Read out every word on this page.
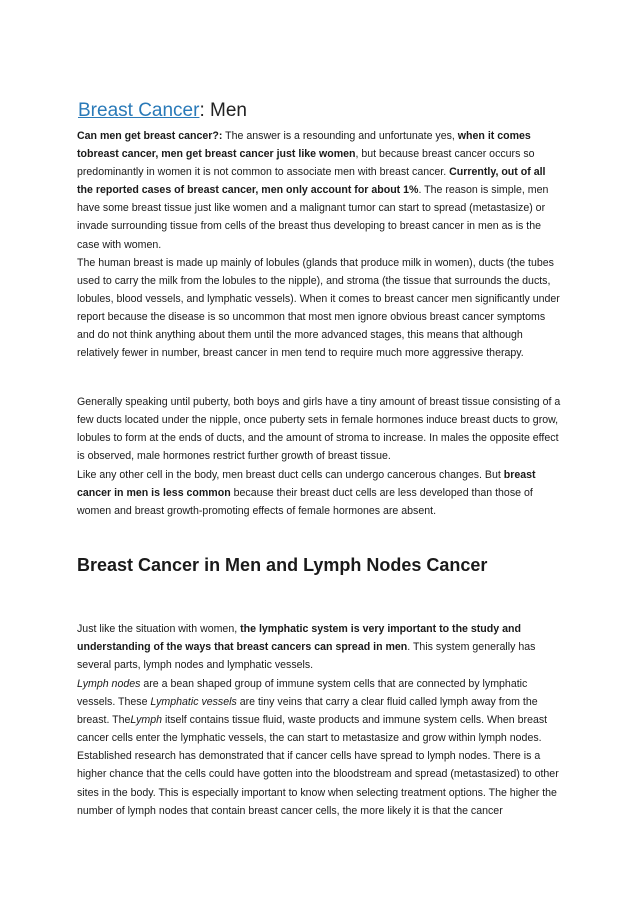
Breast Cancer: Men

Can men get breast cancer?: The answer is a resounding and unfortunate yes, when it comes tobreast cancer, men get breast cancer just like women, but because breast cancer occurs so predominantly in women it is not common to associate men with breast cancer. Currently, out of all the reported cases of breast cancer, men only account for about 1%. The reason is simple, men have some breast tissue just like women and a malignant tumor can start to spread (metastasize) or invade surrounding tissue from cells of the breast thus developing to breast cancer in men as is the case with women.

The human breast is made up mainly of lobules (glands that produce milk in women), ducts (the tubes used to carry the milk from the lobules to the nipple), and stroma (the tissue that surrounds the ducts, lobules, blood vessels, and lymphatic vessels). When it comes to breast cancer men significantly under report because the disease is so uncommon that most men ignore obvious breast cancer symptoms and do not think anything about them until the more advanced stages, this means that although relatively fewer in number, breast cancer in men tend to require much more aggressive therapy.

Generally speaking until puberty, both boys and girls have a tiny amount of breast tissue consisting of a few ducts located under the nipple, once puberty sets in female hormones induce breast ducts to grow, lobules to form at the ends of ducts, and the amount of stroma to increase. In males the opposite effect is observed, male hormones restrict further growth of breast tissue.

Like any other cell in the body, men breast duct cells can undergo cancerous changes. But breast cancer in men is less common because their breast duct cells are less developed than those of women and breast growth-promoting effects of female hormones are absent.

Breast Cancer in Men and Lymph Nodes Cancer

Just like the situation with women, the lymphatic system is very important to the study and understanding of the ways that breast cancers can spread in men. This system generally has several parts, lymph nodes and lymphatic vessels.

Lymph nodes are a bean shaped group of immune system cells that are connected by lymphatic vessels. These Lymphatic vessels are tiny veins that carry a clear fluid called lymph away from the breast. TheLymph itself contains tissue fluid, waste products and immune system cells. When breast cancer cells enter the lymphatic vessels, the can start to metastasize and grow within lymph nodes. Established research has demonstrated that if cancer cells have spread to lymph nodes. There is a higher chance that the cells could have gotten into the bloodstream and spread (metastasized) to other sites in the body. This is especially important to know when selecting treatment options. The higher the number of lymph nodes that contain breast cancer cells, the more likely it is that the cancer
